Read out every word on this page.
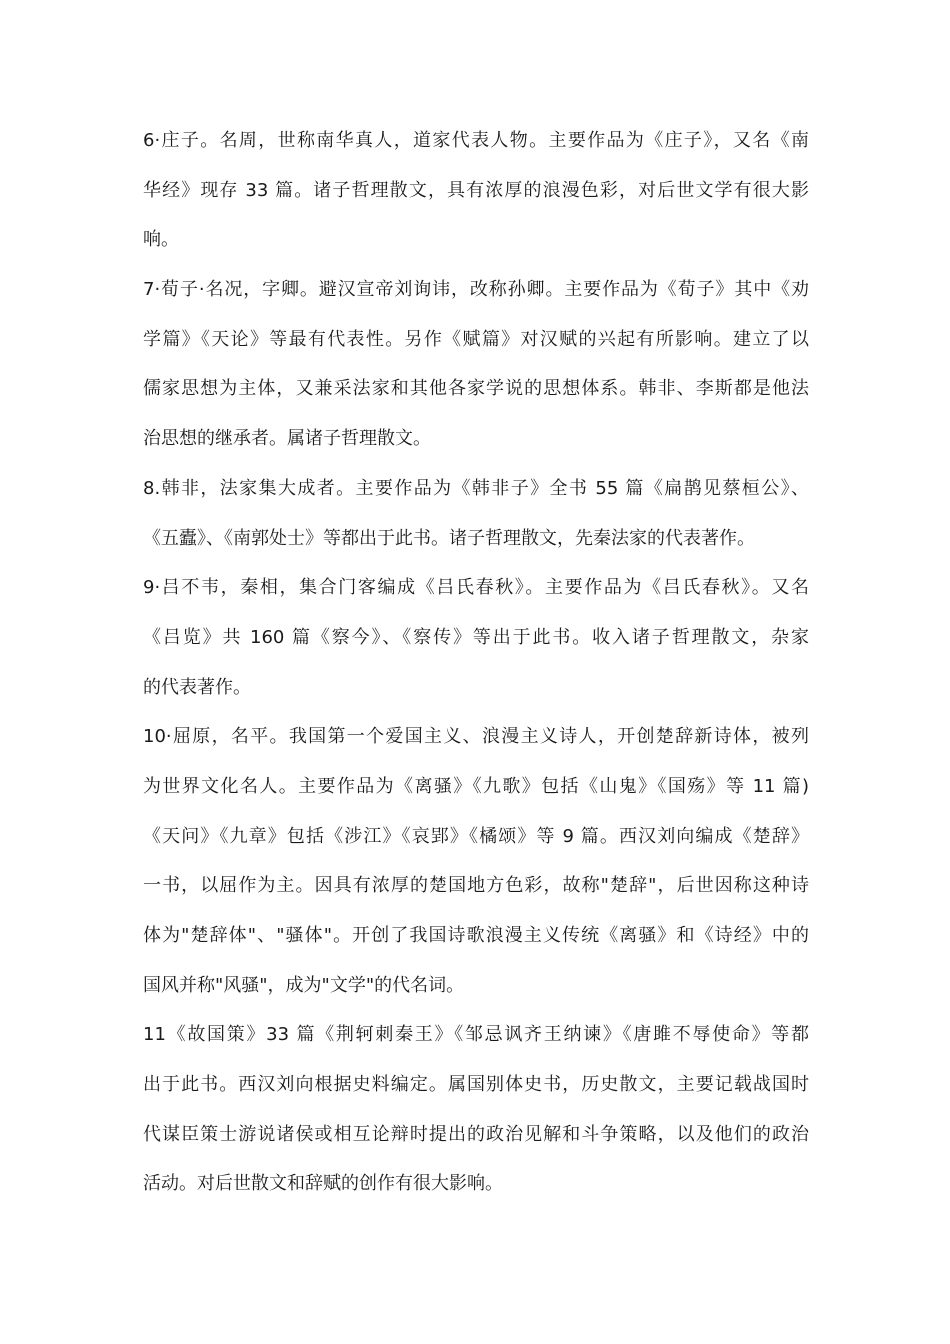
6·庄子。名周，世称南华真人，道家代表人物。主要作品为《庄子》，又名《南
华经》现存 33 篇。诸子哲理散文，具有浓厚的浪漫色彩，对后世文学有很大影
响。
7·荀子·名况，字卿。避汉宣帝刘询讳，改称孙卿。主要作品为《荀子》其中《劝
学篇》《天论》等最有代表性。另作《赋篇》对汉赋的兴起有所影响。建立了以
儒家思想为主体，又兼采法家和其他各家学说的思想体系。韩非、李斯都是他法
治思想的继承者。属诸子哲理散文。
8.韩非，法家集大成者。主要作品为《韩非子》全书 55 篇《扁鹊见蔡桓公》、
《五蠹》、《南郭处士》等都出于此书。诸子哲理散文，先秦法家的代表著作。
9·吕不韦，秦相，集合门客编成《吕氏春秋》。主要作品为《吕氏春秋》。又名
《吕览》共 160 篇《察今》、《察传》等出于此书。收入诸子哲理散文，杂家
的代表著作。
10·屈原，名平。我国第一个爱国主义、浪漫主义诗人，开创楚辞新诗体，被列
为世界文化名人。主要作品为《离骚》《九歌》包括《山鬼》《国殇》等 11 篇)
《天问》《九章》包括《涉江》《哀郢》《橘颂》等 9 篇。西汉刘向编成《楚辞》
一书，以屈作为主。因具有浓厚的楚国地方色彩，故称"楚辞"，后世因称这种诗
体为"楚辞体"、"骚体"。开创了我国诗歌浪漫主义传统《离骚》和《诗经》中的
国风并称"风骚"，成为"文学"的代名词。
11《故国策》33 篇《荆轲刺秦王》《邹忌讽齐王纳谏》《唐雎不辱使命》等都
出于此书。西汉刘向根据史料编定。属国别体史书，历史散文，主要记载战国时
代谋臣策士游说诸侯或相互论辩时提出的政治见解和斗争策略，以及他们的政治
活动。对后世散文和辞赋的创作有很大影响。
